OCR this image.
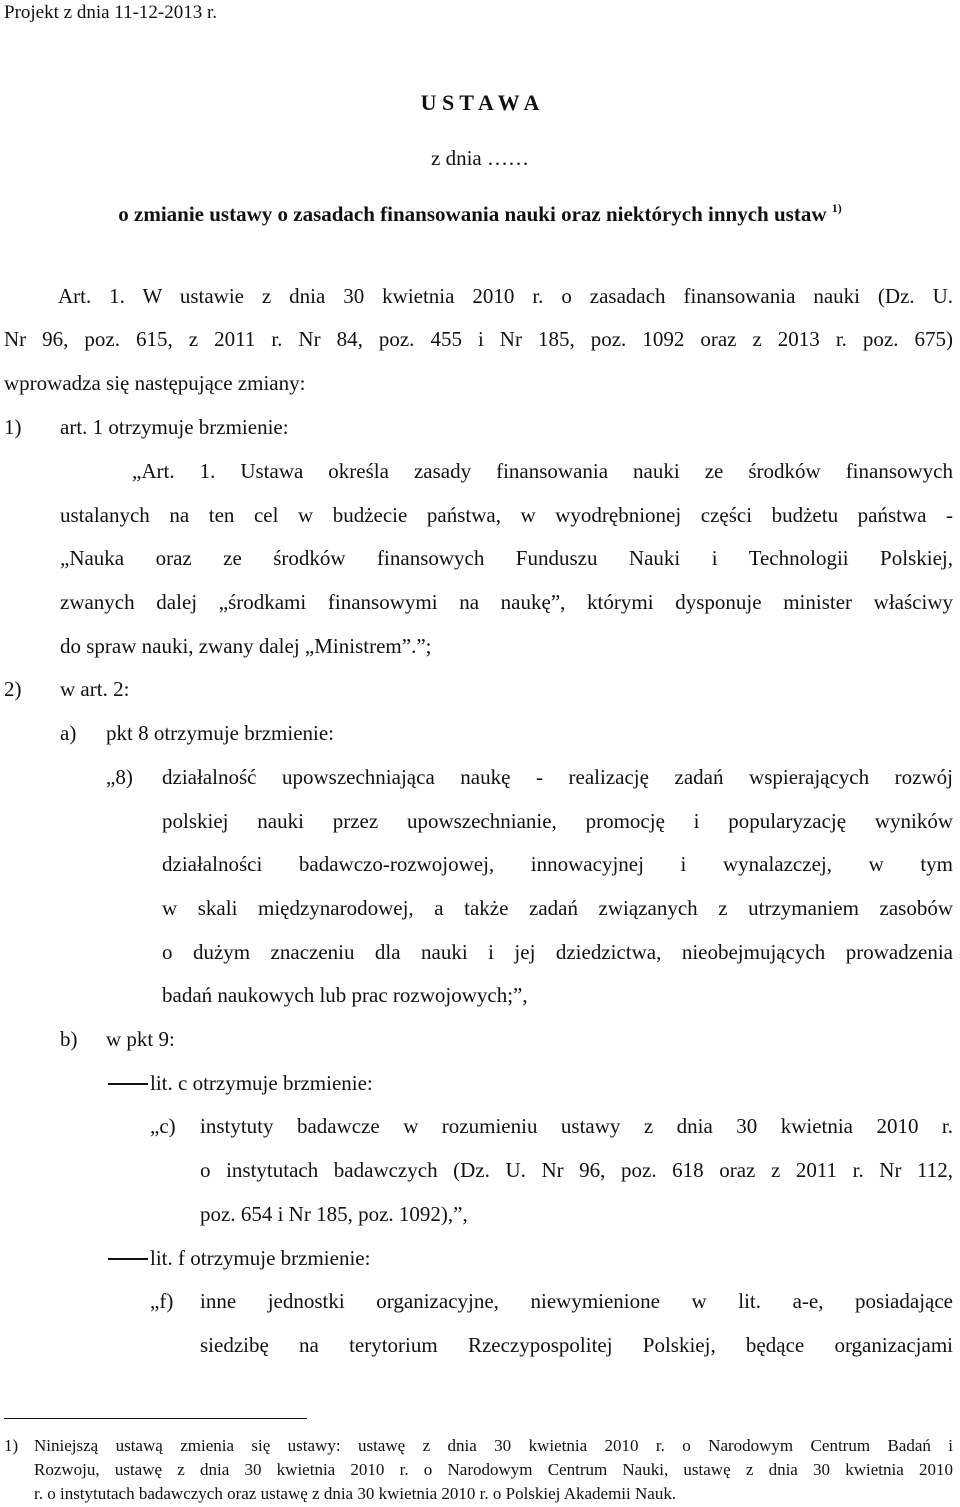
Projekt z dnia 11-12-2013 r.
U S T A W A
z dnia ……
o zmianie ustawy o zasadach finansowania nauki oraz niektórych innych ustaw $^{1)}$
Art. 1. W ustawie z dnia 30 kwietnia 2010 r. o zasadach finansowania nauki (Dz. U.
Nr 96, poz. 615, z 2011 r. Nr 84, poz. 455 i Nr 185, poz. 1092 oraz z 2013 r. poz. 675)
wprowadza się następujące zmiany:
1) art. 1 otrzymuje brzmienie:
„Art. 1. Ustawa określa zasady finansowania nauki ze środków finansowych
ustalanych na ten cel w budżecie państwa, w wyodrębnionej części budżetu państwa -
„Nauka oraz ze środków finansowych Funduszu Nauki i Technologii Polskiej,
zwanych dalej „środkami finansowymi na naukę”, którymi dysponuje minister właściwy
do spraw nauki, zwany dalej „Ministrem”.”;
2) w art. 2:
a) pkt 8 otrzymuje brzmienie:
„8) działalność upowszechniająca naukę - realizację zadań wspierających rozwój
polskiej nauki przez upowszechnianie, promocję i popularyzację wyników
działalności badawczo-rozwojowej, innowacyjnej i wynalazczej, w tym
w skali międzynarodowej, a także zadań związanych z utrzymaniem zasobów
o dużym znaczeniu dla nauki i jej dziedzictwa, nieobejmujących prowadzenia
badań naukowych lub prac rozwojowych;”,
b) w pkt 9:
lit. c otrzymuje brzmienie:
„c) instytuty badawcze w rozumieniu ustawy z dnia 30 kwietnia 2010 r.
o instytutach badawczych (Dz. U. Nr 96, poz. 618 oraz z 2011 r. Nr 112,
poz. 654 i Nr 185, poz. 1092),”,
lit. f otrzymuje brzmienie:
„f) inne jednostki organizacyjne, niewymienione w lit. a-e, posiadające
siedzibę na terytorium Rzeczypospolitej Polskiej, będące organizacjami
1) Niniejszą ustawą zmienia się ustawy: ustawę z dnia 30 kwietnia 2010 r. o Narodowym Centrum Badań i
Rozwoju, ustawę z dnia 30 kwietnia 2010 r. o Narodowym Centrum Nauki, ustawę z dnia 30 kwietnia 2010
r. o instytutach badawczych oraz ustawę z dnia 30 kwietnia 2010 r. o Polskiej Akademii Nauk.
